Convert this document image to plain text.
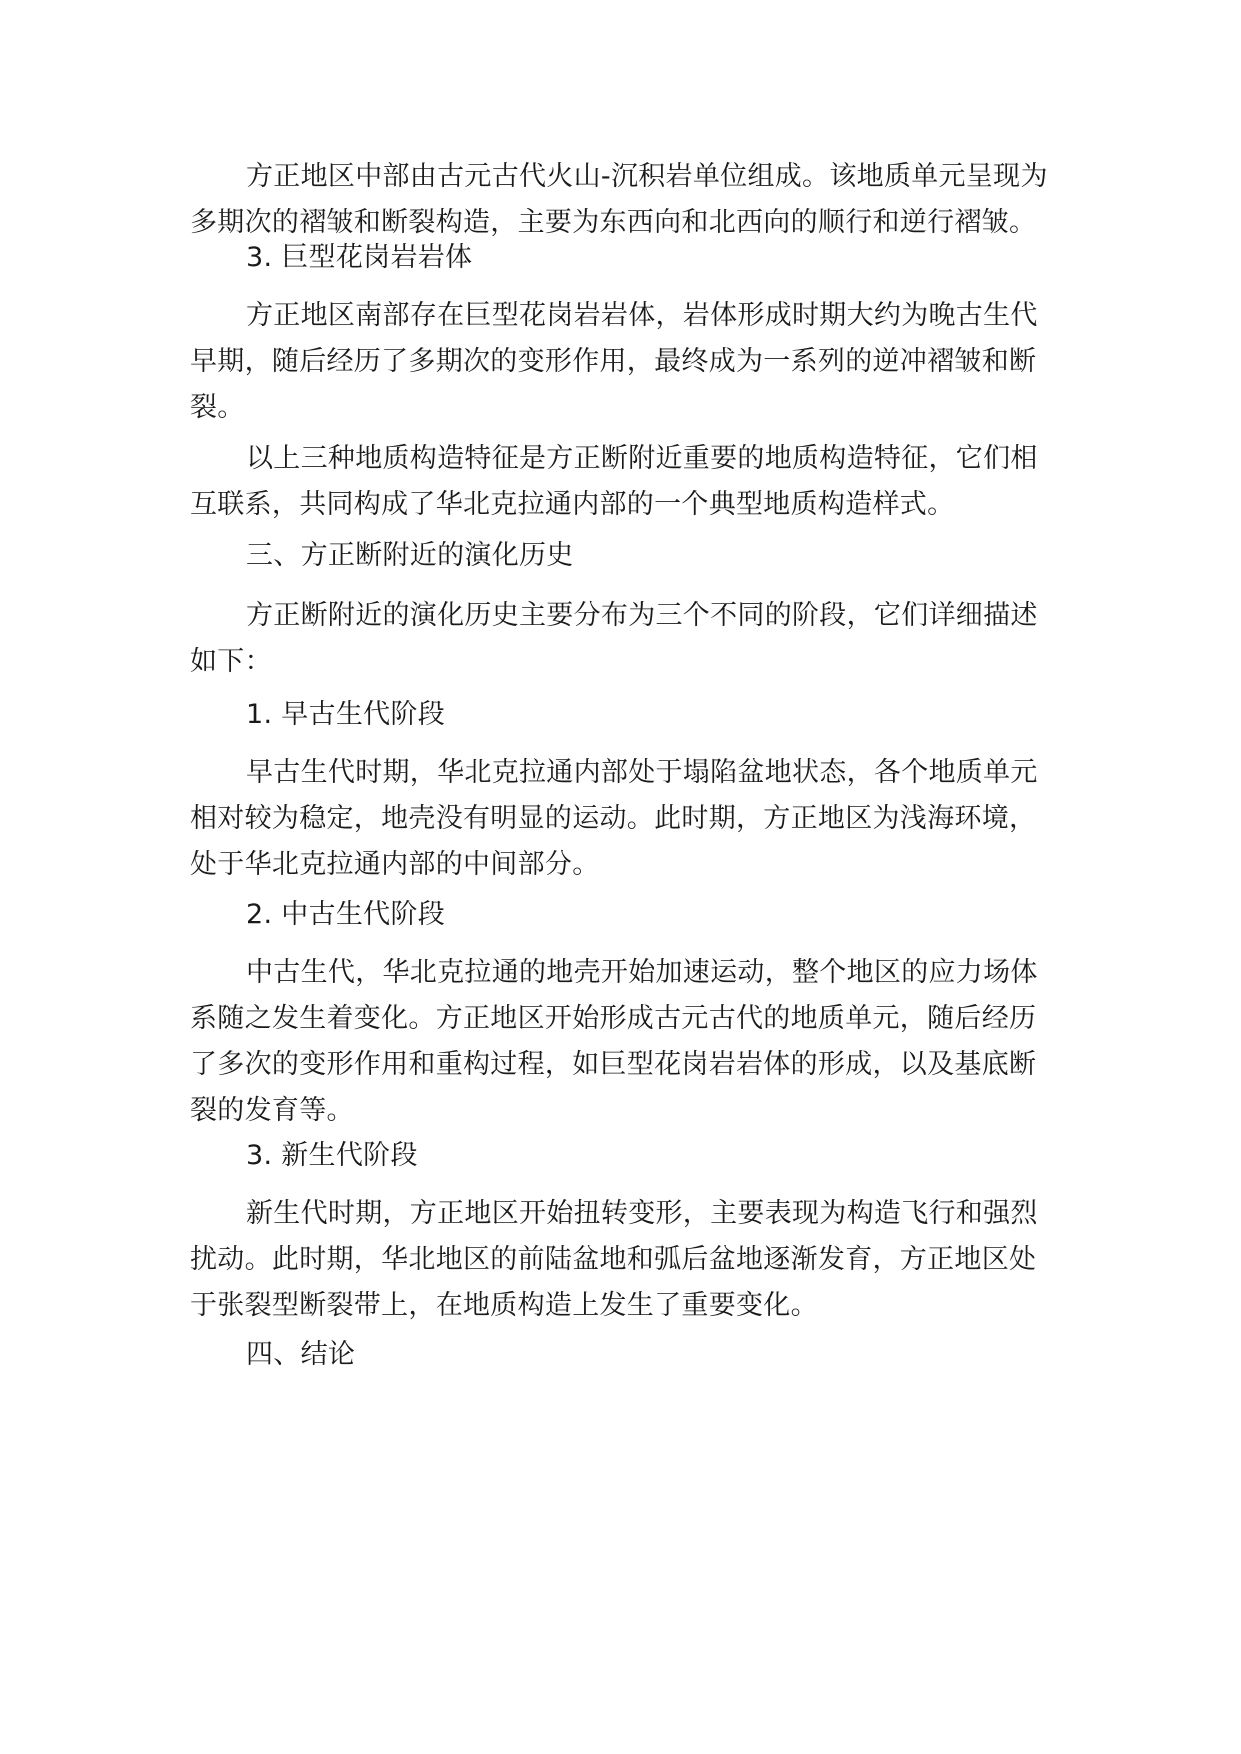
方正地区中部由古元古代火山-沉积岩单位组成。该地质单元呈现为多期次的褶皱和断裂构造，主要为东西向和北西向的顺行和逆行褶皱。

3. 巨型花岗岩岩体

方正地区南部存在巨型花岗岩岩体，岩体形成时期大约为晚古生代早期，随后经历了多期次的变形作用，最终成为一系列的逆冲褶皱和断裂。

以上三种地质构造特征是方正断附近重要的地质构造特征，它们相互联系，共同构成了华北克拉通内部的一个典型地质构造样式。

三、方正断附近的演化历史

方正断附近的演化历史主要分布为三个不同的阶段，它们详细描述如下：

1. 早古生代阶段

早古生代时期，华北克拉通内部处于塌陷盆地状态，各个地质单元相对较为稳定，地壳没有明显的运动。此时期，方正地区为浅海环境，处于华北克拉通内部的中间部分。

2. 中古生代阶段

中古生代，华北克拉通的地壳开始加速运动，整个地区的应力场体系随之发生着变化。方正地区开始形成古元古代的地质单元，随后经历了多次的变形作用和重构过程，如巨型花岗岩岩体的形成，以及基底断裂的发育等。

3. 新生代阶段

新生代时期，方正地区开始扭转变形，主要表现为构造飞行和强烈扰动。此时期，华北地区的前陆盆地和弧后盆地逐渐发育，方正地区处于张裂型断裂带上，在地质构造上发生了重要变化。

四、结论
